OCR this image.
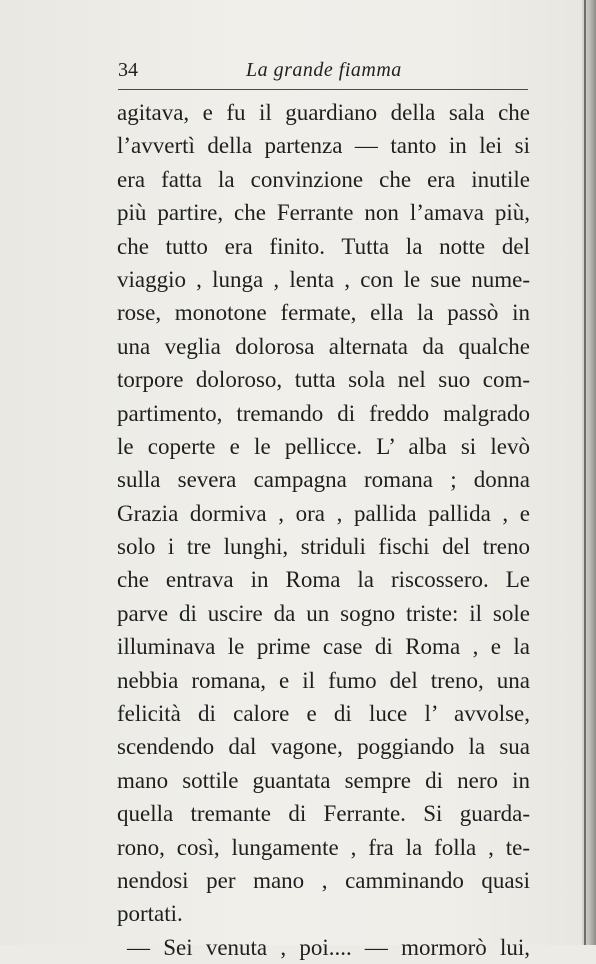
34	La grande fiamma
agitava, e fu il guardiano della sala che
l’avvertì della partenza — tanto in lei si
era fatta la convinzione che era inutile
più partire, che Ferrante non l’amava più,
che tutto era finito. Tutta la notte del
viaggio , lunga , lenta , con le sue nume-
rose, monotone fermate, ella la passò in
una veglia dolorosa alternata da qualche
torpore doloroso, tutta sola nel suo com-
partimento, tremando di freddo malgrado
le coperte e le pellicce. L’ alba si levò
sulla severa campagna romana ; donna
Grazia dormiva , ora , pallida pallida , e
solo i tre lunghi, striduli fischi del treno
che entrava in Roma la riscossero. Le
parve di uscire da un sogno triste: il sole
illuminava le prime case di Roma , e la
nebbia romana, e il fumo del treno, una
felicità di calore e di luce l’ avvolse,
scendendo dal vagone, poggiando la sua
mano sottile guantata sempre di nero in
quella tremante di Ferrante. Si guarda-
rono, così, lungamente , fra la folla , te-
nendosi per mano , camminando quasi
portati.
— Sei venuta , poi.... — mormorò lui,
